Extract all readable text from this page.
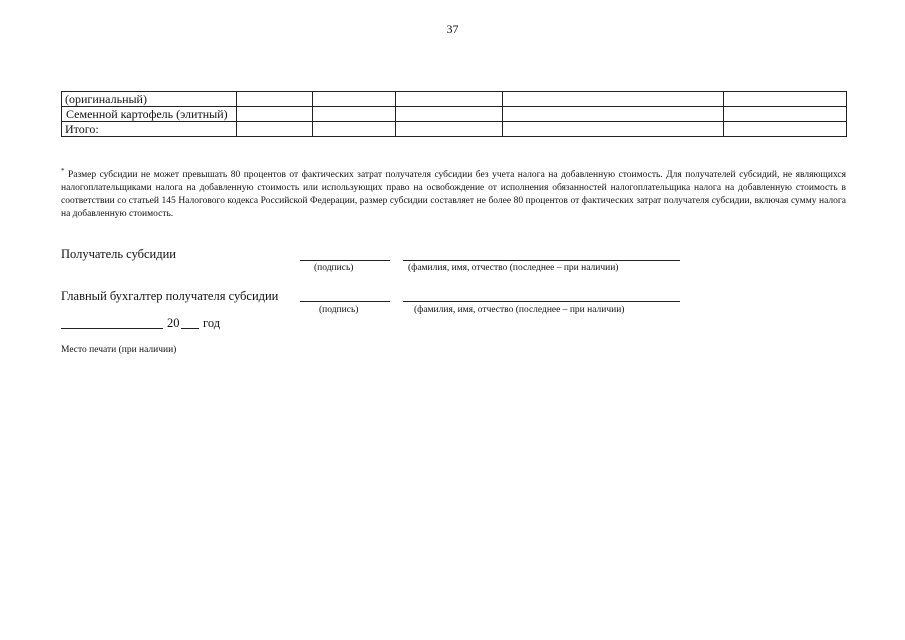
37
(оригинальный)					
Семенной картофель (элитный)					
Итого:					
* Размер субсидии не может превышать 80 процентов от фактических затрат получателя субсидии без учета налога на добавленную стоимость. Для получателей субсидий, не являющихся налогоплательщиками налога на добавленную стоимость или использующих право на освобождение от исполнения обязанностей налогоплательщика налога на добавленную стоимость в соответствии со статьей 145 Налогового кодекса Российской Федерации, размер субсидии составляет не более 80 процентов от фактических затрат получателя субсидии, включая сумму налога на добавленную стоимость.
Получатель субсидии
(подпись)	(фамилия, имя, отчество (последнее – при наличии)
Главный бухгалтер получателя субсидии
(подпись)	(фамилия, имя, отчество (последнее – при наличии)
20 год
Место печати (при наличии)
